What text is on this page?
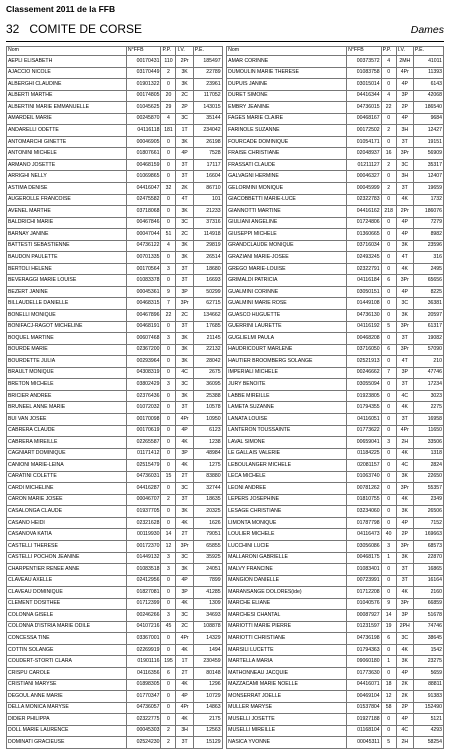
Classement 2011 de la FFB
32 COMITE DE CORSE	Dames
Nom	N°FFB	P.P.	I.V.	P.E.		Nom	N°FFB	P.P.	I.V.	P.E.
AEPLI ELISABETH	00170431	110	2Pr	185497		AMAR CORINNE	00373572	4	2MH	41011
AJACCIO NICOLE	03170449	2	3K	22789		DUMOULIN MARIE THERESE	01083758	0	4Pr	11393
ALBERGHI CLAUDINE	01901322	0	3K	23961		DUPUIS JANINE	03015014	0	4P	6143
ALBERTI MARTHE	00174805	20	2C	117052		DURET SIMONE	04416344	4	3P	42068
ALBERTINI MARIE EMMANUELLE	01045625	29	2P	143015		EMBRY JEANINE	04736015	22	2P	186540
AMARDEIL MARIE	00245870	4	3C	35144		FAGES MARIE CLAIRE	00468167	0	4P	9684
ANDARELLI ODETTE	04116118	181	1T	234042		FARINOLE SUZANNE	00172502	2	3H	12427
ANTOMARCHI GINETTE	00046905	0	3K	26198		FOURCADE DOMINIQUE	01054171	0	3T	19151
ANTONINI MICHELE	01807661	0	4P	7528		FRAISE CHRISTIANE	02048937	16	3Pr	56909
ARMANO JOSETTE	00468159	0	3T	17117		FRASSATI CLAUDE	01211127	2	3C	35317
ARRIGHI NELLY	01069865	0	3T	16604		GALVAGNI HERMINE	00046327	0	3H	12407
ASTIMA DENISE	04416047	32	2K	86710		GELORMINI MONIQUE	00045999	2	3T	19659
AUGEROLLE FRANCOISE	02475582	0	4T	101		GIACOBBETTI MARIE-LUCE	02322783	0	4K	1732
AVENEL MARTHE	03718068	0	3K	21233		GIANNOTTI MARTINE	04416162	218	2Pr	186076
BALDRICHI MARIE	00467846	0	3C	37316		GIULIANI ANGELINE	01724806	0	4P	7279
BARNAY JANINE	00047044	51	2C	114918		GIUSEPPI MICHELE	01360665	0	4P	8982
BATTESTI SEBASTIENNE	04736122	4	3K	29819		GRANDCLAUDE MONIQUE	03716034	0	3K	23596
BAUDON PAULETTE	00701335	0	3K	26514		GRAZIANI MARIE-JOSEE	02493245	0	4T	316
BERTOLI HELENE	00170564	3	3T	18680		GREGO MARIE-LOUISE	02322791	0	4K	2495
BEVERAGGI MARIE LOUISE	01083378	0	3T	16693		GRIMALDI PATRICIA	04116184	6	3Pr	65656
BEZERT JANINE	00045361	9	3P	50299		GUALMINI CORINNE	03050151	0	4P	8225
BILLAUDELLE DANIELLE	00468315	7	3Pr	62715		GUALMINI MARIE ROSE	01449108	0	3C	36381
BONELLI MONIQUE	00467896	22	2C	134662		GUASCO HUGUETTE	04736130	0	3K	20597
BONIFACJ-RAGOT MICHELINE	00468191	0	3T	17685		GUERRINI LAURETTE	04116192	5	3Pr	61317
BOQUEL MARTINE	00607468	3	3K	21145		GUGLIELMI PAULA	00468208	0	3T	19082
BOURDE MARIE	02367200	0	3K	22132		HAUDRICOURT MARLENE	03716050	6	3Pr	57090
BOURDETTE JULIA	00293964	0	3K	28042		HAUTIER BROOMBERG SOLANGE	02521913	0	4T	210
BRAULT MONIQUE	04308319	0	4C	2675		IMPERIALI MICHELE	00246662	7	3P	47746
BRETON MICHELE	03802429	3	3C	36095		JURY BENOITE	03055094	0	3T	17234
BRICIER ANDREE	02376436	0	3K	25388		LABBE MIREILLE	01923805	0	4C	3023
BRUNEEL ANNE MARIE	01072032	0	3T	10578		LAMETA SUZANNE	01794355	0	4K	2275
BUI VAN JOSEE	00170098	0	4Pr	10950		LANATA LOUISE	04116051	0	3T	16958
CABRERA CLAUDE	00170619	0	4P	6123		LANTERON TOUSSAINTE	01773622	0	4Pr	11650
CABRERA MIREILLE	02265587	0	4K	1238		LAVAL SIMONE	00659041	3	2H	33506
CAGNIART DOMINIQUE	01171412	0	3P	48984		LE GALLAIS VALERIE	01184225	0	4K	1318
CANIONI MARIE-LEINA	02515479	0	4K	1275		LEBOULANGER MICHELE	02081157	0	4C	2824
CARATINI COLETTE	04736031	15	2T	83880		LECA MICHELE	01063740	0	3K	22650
CARDI MICHELINE	04416287	0	3C	32744		LEONI ANDREE	00781262	0	3Pr	55357
CARON MARIE JOSEE	00046707	2	3T	18635		LEPERS JOSEPHINE	01810755	0	4K	2349
CASALONGA CLAUDE	01937705	0	3K	20325		LESAGE CHRISTIANE	03234060	0	3K	26506
CASANO HEIDI	02321628	0	4K	1626		LIMONTA MONIQUE	01787798	0	4P	7152
CASANOVA KATIA	00119930	14	2T	79051		LOULIER MICHELE	04116473	40	2P	169663
CASTELLI THERESE	00172370	12	3Pr	65855		LUCCHINI LUCIE	03056086	3	3Pr	68573
CASTELLI POCHON JEANINE	01449132	3	3C	35925		MALLARONI GABRIELLE	00468175	1	3K	22870
CHARPENTIER RENEE ANNE	01083518	3	3K	24051		MALVY FRANCINE	01083401	0	3T	16865
CLAVEAU AXELLE	02412956	0	4P	7899		MANGION DANIELLE	00723991	0	3T	16164
CLAVEAU DOMINIQUE	01827081	0	3P	41285		MARANSANGE DOLORES(ide)	01712208	0	4K	2160
CLEMENT DOSITHEE	01712399	0	4K	1309		MARCHE ELIANE	01040576	9	3Pr	66859
COLONNA GISELE	00246266	3	3C	34693		MARCHESI CHANTAL	00087927	14	3P	51678
COLONNA D'ISTRIA MARIE ODILE	04107216	45	2C	108878		MARIOTTI MARIE PIERRE	01231597	19	2PH	74746
CONCESSA TINE	03367001	0	4Pr	14329		MARIOTTI CHRISTIANE	04736198	6	3C	38645
COTTIN SOLANGE	02269919	0	4K	1494		MARSILI LUCETTE	01794363	0	4K	1542
COUDERT-STORTI CLARA	01901116	195	1T	230459		MARTELLA MARIA	09060180	1	3K	23275
CRISPU CAROLE	04116356	6	2T	80148		MATHONNEAU JACQUIE	01773630	0	4P	5659
CRISTIANI MARYSE	01898305	0	4K	1296		MAZZACAMI MARIE NOELLE	04416071	18	2K	88811
DEGOUL ANNE MARIE	01770347	0	4P	10729		MONSERRAT JOELLE	00469104	12	2K	91383
DELLA MONICA MARYSE	04736057	0	4Pr	14863		MULLER MARYSE	01537804	58	2P	152490
DIDIER PHILIPPA	02322775	0	4K	2175		MUSELLI JOSETTE	01927188	0	4P	5121
DOLL MARIE LAURENCE	00045303	2	3H	12563		MUSELLI MIREILLE	01168104	0	4C	4293
DOMINATI GRACIEUSE	02524230	2	3T	15129		NASICA YVONNE	00045311	5	2H	58254
